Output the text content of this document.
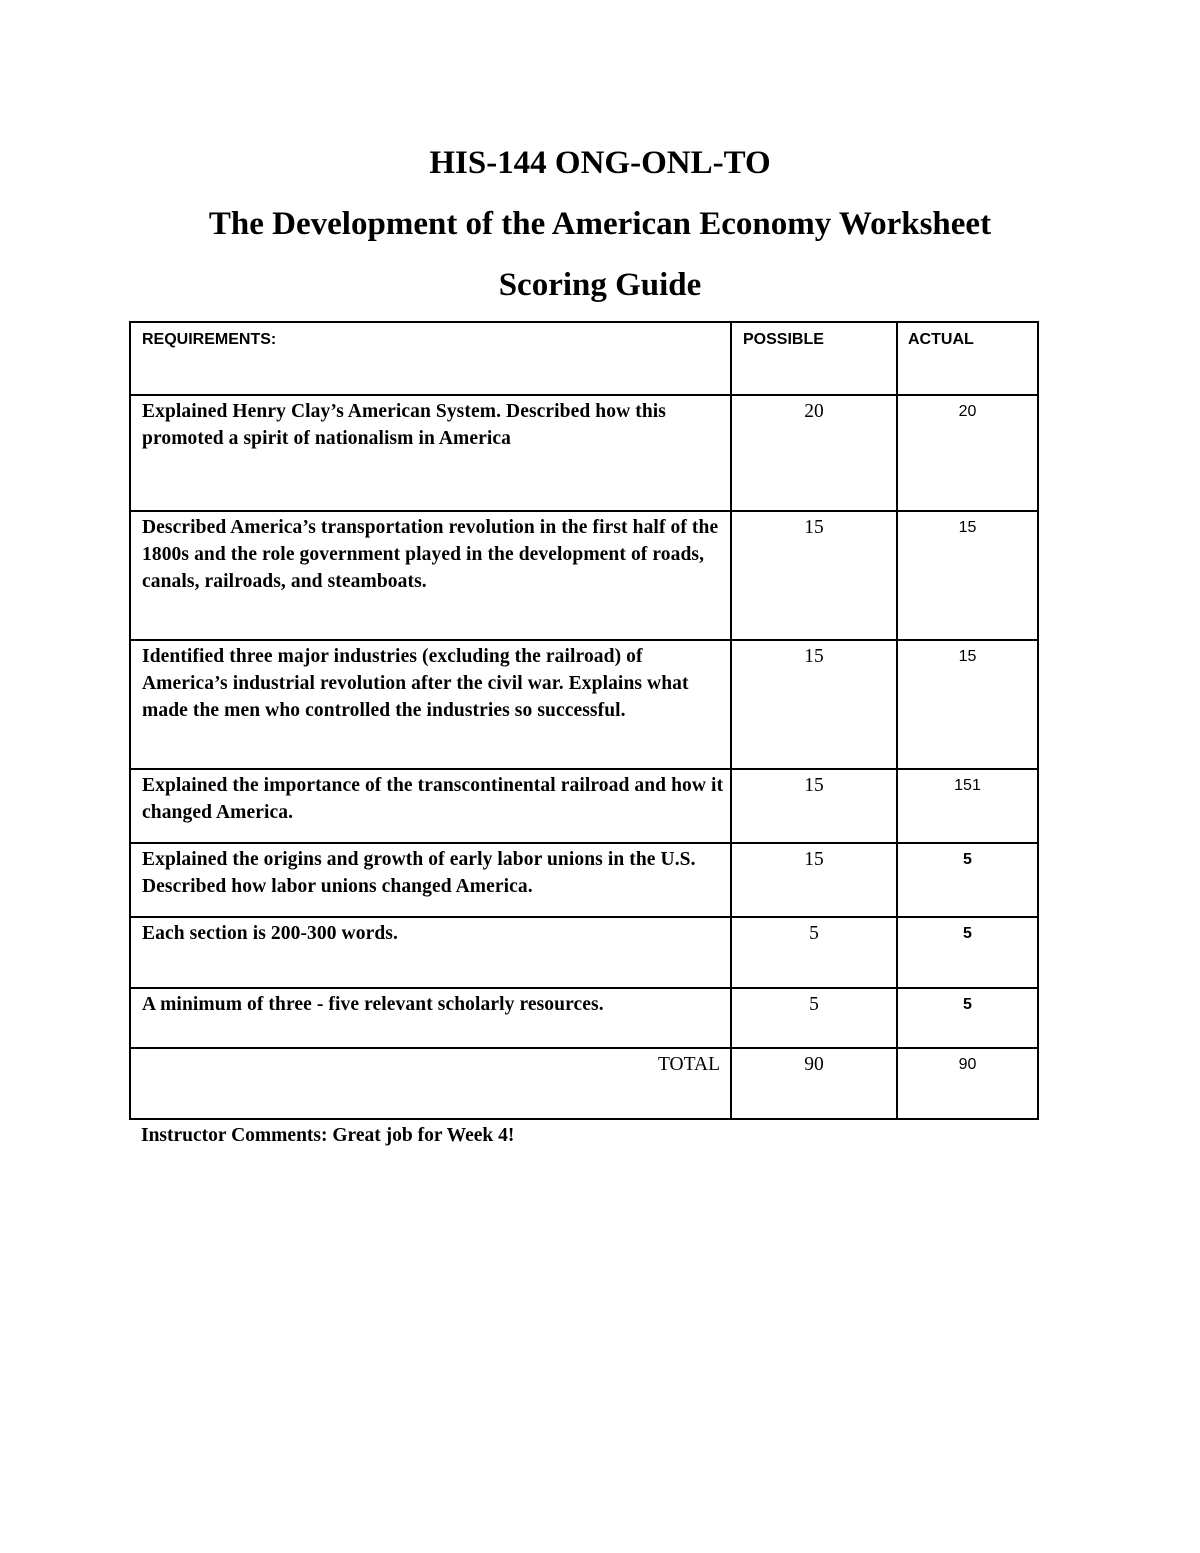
HIS-144 ONG-ONL-TO
The Development of the American Economy Worksheet
Scoring Guide
REQUIREMENTS:	POSSIBLE	ACTUAL
Explained Henry Clay’s American System. Described how this promoted a spirit of nationalism in America	20	20
Described America’s transportation revolution in the first half of the 1800s and the role government played in the development of roads, canals, railroads, and steamboats.	15	15
Identified three major industries (excluding the railroad) of America’s industrial revolution after the civil war. Explains what made the men who controlled the industries so successful.	15	15
Explained the importance of the transcontinental railroad and how it changed America.	15	151
Explained the origins and growth of early labor unions in the U.S. Described how labor unions changed America.	15	5
Each section is 200-300 words.	5	5
A minimum of three - five relevant scholarly resources.	5	5
TOTAL	90	90
Instructor Comments: Great job for Week 4!
